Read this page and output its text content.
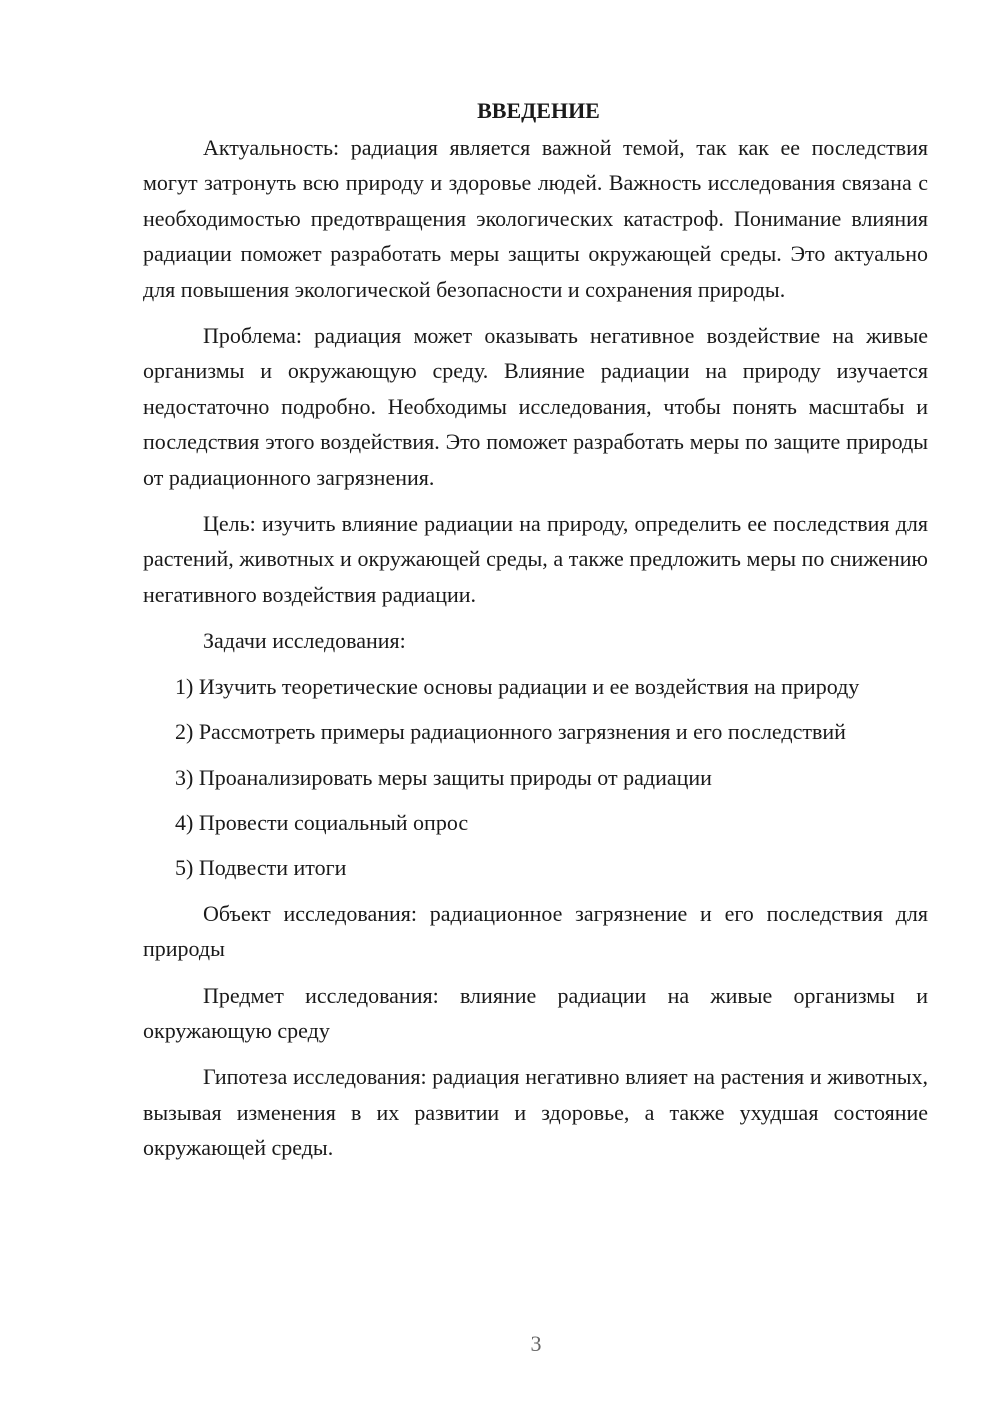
ВВЕДЕНИЕ

Актуальность: радиация является важной темой, так как ее последствия могут затронуть всю природу и здоровье людей. Важность исследования связана с необходимостью предотвращения экологических катастроф. Понимание влияния радиации поможет разработать меры защиты окружающей среды. Это актуально для повышения экологической безопасности и сохранения природы.

Проблема: радиация может оказывать негативное воздействие на живые организмы и окружающую среду. Влияние радиации на природу изучается недостаточно подробно. Необходимы исследования, чтобы понять масштабы и последствия этого воздействия. Это поможет разработать меры по защите природы от радиационного загрязнения.

Цель: изучить влияние радиации на природу, определить ее последствия для растений, животных и окружающей среды, а также предложить меры по снижению негативного воздействия радиации.

Задачи исследования:

1) Изучить теоретические основы радиации и ее воздействия на природу

2) Рассмотреть примеры радиационного загрязнения и его последствий

3) Проанализировать меры защиты природы от радиации

4) Провести социальный опрос

5) Подвести итоги

Объект исследования: радиационное загрязнение и его последствия для природы

Предмет исследования: влияние радиации на живые организмы и окружающую среду

Гипотеза исследования: радиация негативно влияет на растения и животных, вызывая изменения в их развитии и здоровье, а также ухудшая состояние окружающей среды.

3
